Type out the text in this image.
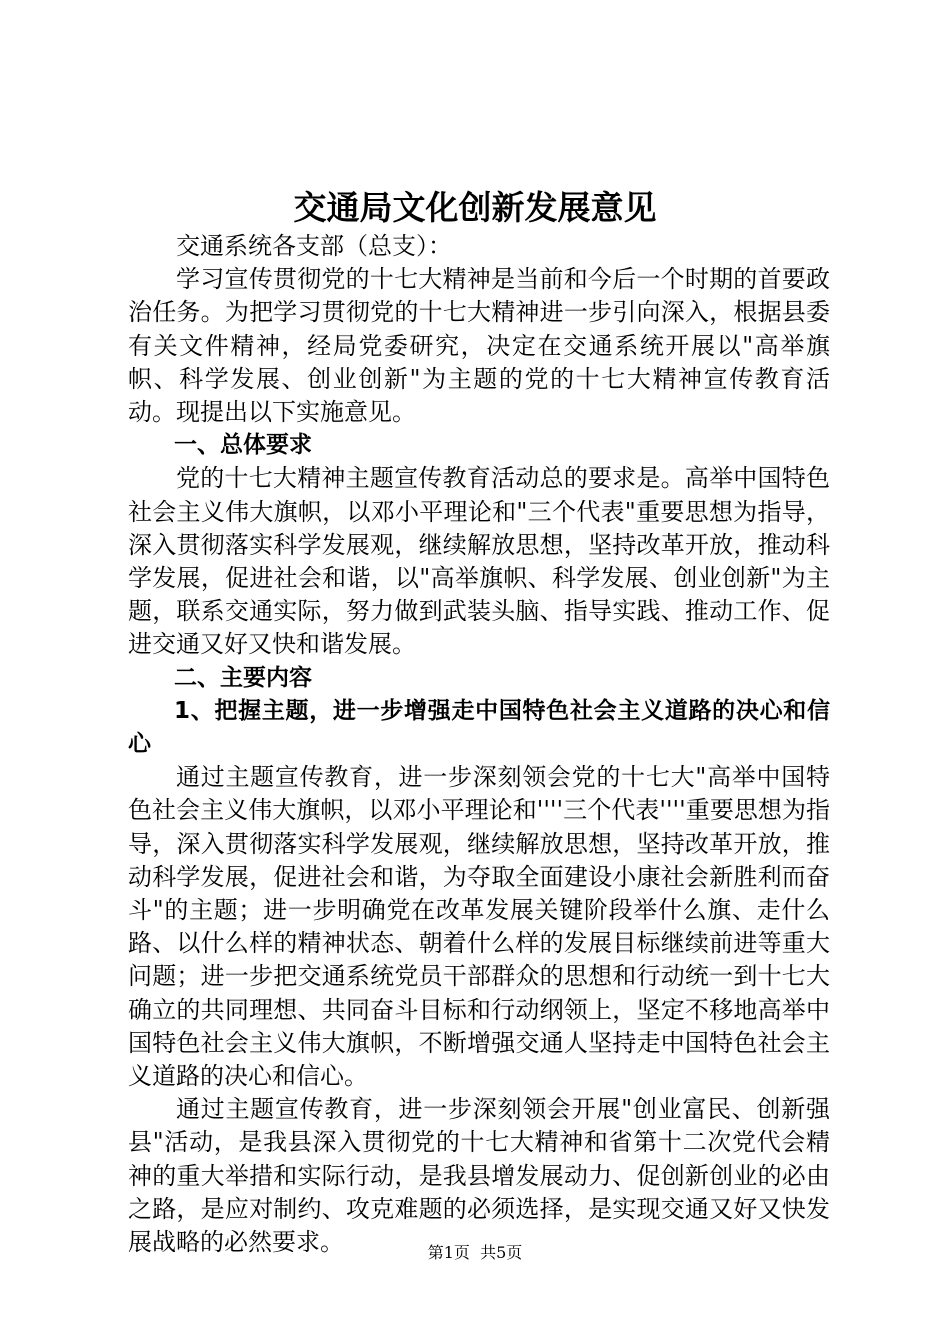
交通局文化创新发展意见

交通系统各支部（总支）：

学习宣传贯彻党的十七大精神是当前和今后一个时期的首要政治任务。为把学习贯彻党的十七大精神进一步引向深入，根据县委有关文件精神，经局党委研究，决定在交通系统开展以"高举旗帜、科学发展、创业创新"为主题的党的十七大精神宣传教育活动。现提出以下实施意见。

一、总体要求

党的十七大精神主题宣传教育活动总的要求是。高举中国特色社会主义伟大旗帜，以邓小平理论和"三个代表"重要思想为指导，深入贯彻落实科学发展观，继续解放思想，坚持改革开放，推动科学发展，促进社会和谐，以"高举旗帜、科学发展、创业创新"为主题，联系交通实际，努力做到武装头脑、指导实践、推动工作、促进交通又好又快和谐发展。

二、主要内容

1、把握主题，进一步增强走中国特色社会主义道路的决心和信心

通过主题宣传教育，进一步深刻领会党的十七大"高举中国特色社会主义伟大旗帜，以邓小平理论和''''三个代表''''重要思想为指导，深入贯彻落实科学发展观，继续解放思想，坚持改革开放，推动科学发展，促进社会和谐，为夺取全面建设小康社会新胜利而奋斗"的主题；进一步明确党在改革发展关键阶段举什么旗、走什么路、以什么样的精神状态、朝着什么样的发展目标继续前进等重大问题；进一步把交通系统党员干部群众的思想和行动统一到十七大确立的共同理想、共同奋斗目标和行动纲领上，坚定不移地高举中国特色社会主义伟大旗帜，不断增强交通人坚持走中国特色社会主义道路的决心和信心。

通过主题宣传教育，进一步深刻领会开展"创业富民、创新强县"活动，是我县深入贯彻党的十七大精神和省第十二次党代会精神的重大举措和实际行动，是我县增发展动力、促创新创业的必由之路，是应对制约、攻克难题的必须选择，是实现交通又好又快发展战略的必然要求。	第1页 共5页
